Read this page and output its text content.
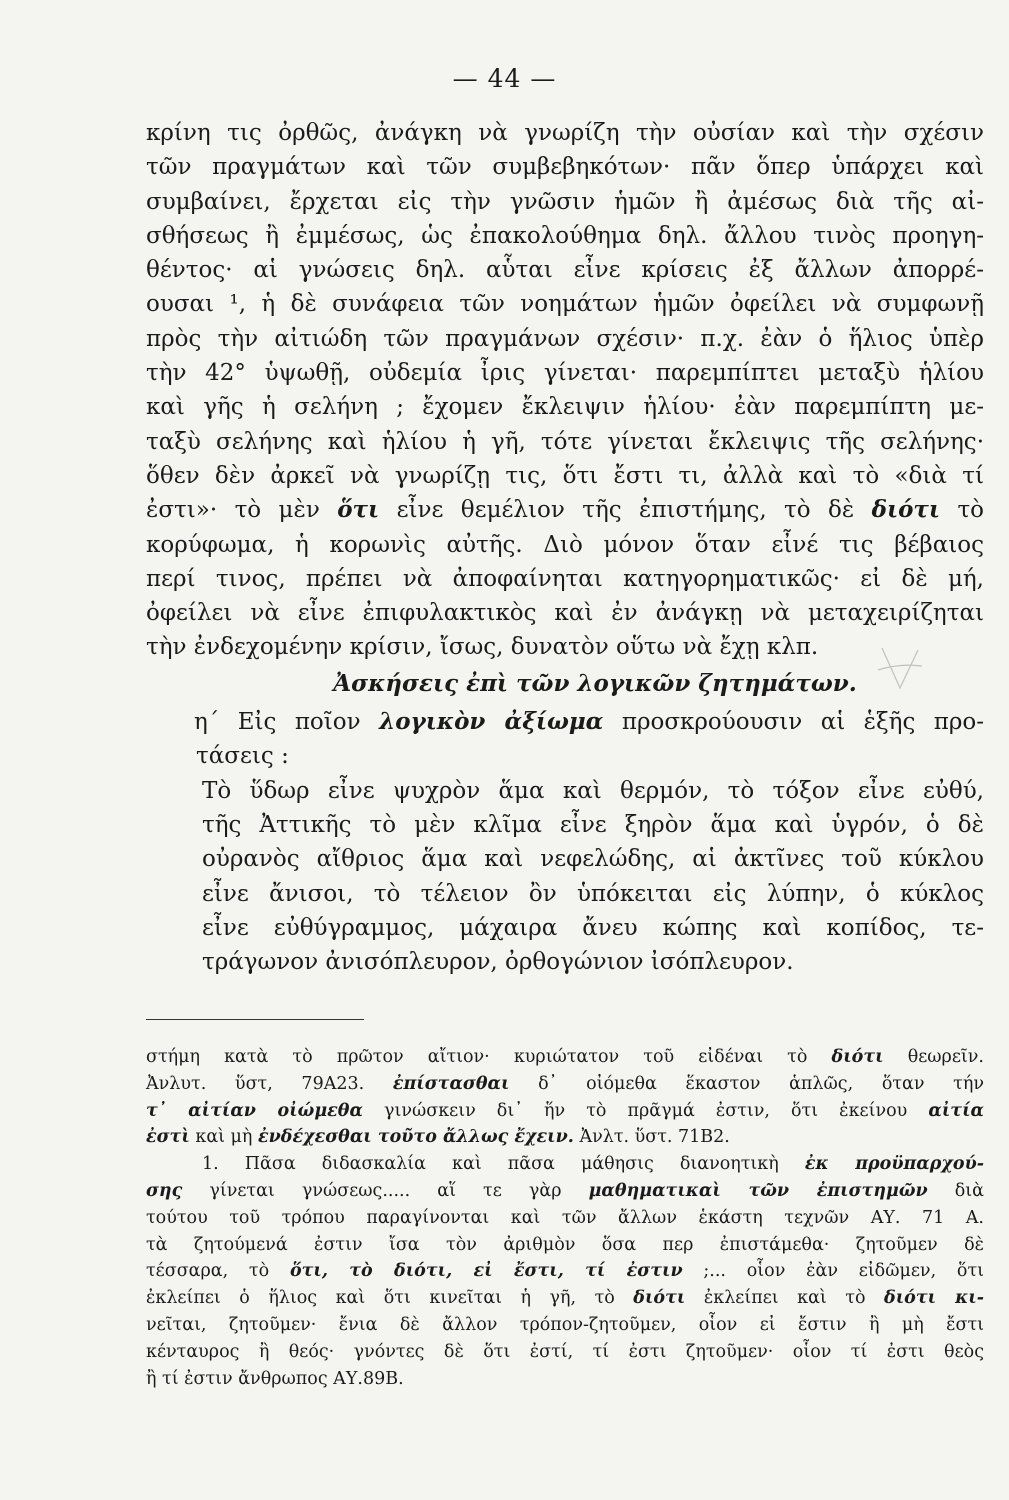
— 44 —
κρίνη τις ὀρθῶς, ἀνάγκη νὰ γνωρίζη τὴν οὐσίαν καὶ τὴν σχέσιν
τῶν πραγμάτων καὶ τῶν συμβεβηκότων· πᾶν ὅπερ ὑπάρχει καὶ
συμβαίνει, ἔρχεται εἰς τὴν γνῶσιν ἡμῶν ἢ ἀμέσως διὰ τῆς αἰ-
σθήσεως ἢ ἐμμέσως, ὡς ἐπακολούθημα δηλ. ἄλλου τινὸς προηγη-
θέντος· αἱ γνώσεις δηλ. αὗται εἶνε κρίσεις ἐξ ἄλλων ἀπορρέ-
ουσαι ¹, ἡ δὲ συνάφεια τῶν νοημάτων ἡμῶν ὀφείλει νὰ συμφωνῇ
πρὸς τὴν αἰτιώδη τῶν πραγμάνων σχέσιν· π.χ. ἐὰν ὁ ἥλιος ὑπὲρ
τὴν 42° ὑψωθῇ, οὐδεμία ἶρις γίνεται· παρεμπίπτει μεταξὺ ἡλίου
καὶ γῆς ἡ σελήνη ; ἔχομεν ἔκλειψιν ἡλίου· ἐὰν παρεμπίπτη με-
ταξὺ σελήνης καὶ ἡλίου ἡ γῆ, τότε γίνεται ἔκλειψις τῆς σελήνης·
ὅθεν δὲν ἀρκεῖ νὰ γνωρίζῃ τις, ὅτι ἔστι τι, ἀλλὰ καὶ τὸ «διὰ τί
ἐστι»· τὸ μὲν ὅτι εἶνε θεμέλιον τῆς ἐπιστήμης, τὸ δὲ διότι τὸ
κορύφωμα, ἡ κορωνὶς αὐτῆς. Διὸ μόνον ὅταν εἶνέ τις βέβαιος
περί τινος, πρέπει νὰ ἀποφαίνηται κατηγορηματικῶς· εἰ δὲ μή,
ὀφείλει νὰ εἶνε ἐπιφυλακτικὸς καὶ ἐν ἀνάγκῃ νὰ μεταχειρίζηται
τὴν ἐνδεχομένην κρίσιν, ἴσως, δυνατὸν οὕτω νὰ ἔχῃ κλπ.
Ἀσκήσεις ἐπὶ τῶν λογικῶν ζητημάτων.
η΄ Εἰς ποῖον λογικὸν ἀξίωμα προσκρούουσιν αἱ ἑξῆς προ-
τάσεις :
Τὸ ὕδωρ εἶνε ψυχρὸν ἅμα καὶ θερμόν, τὸ τόξον εἶνε εὐθύ,
τῆς Ἀττικῆς τὸ μὲν κλῖμα εἶνε ξηρὸν ἅμα καὶ ὑγρόν, ὁ δὲ
οὐρανὸς αἴθριος ἅμα καὶ νεφελώδης, αἱ ἀκτῖνες τοῦ κύκλου
εἶνε ἄνισοι, τὸ τέλειον ὂν ὑπόκειται εἰς λύπην, ὁ κύκλος
εἶνε εὐθύγραμμος, μάχαιρα ἄνευ κώπης καὶ κοπίδος, τε-
τράγωνον ἀνισόπλευρον, ὀρθογώνιον ἰσόπλευρον.
στήμη κατὰ τὸ πρῶτον αἴτιον· κυριώτατον τοῦ εἰδέναι τὸ διότι θεωρεῖν.
Ἀνλυτ. ὕστ, 79Α23. ἐπίστασθαι δ᾿ οἰόμεθα ἕκαστον ἁπλῶς, ὅταν τήν
τ᾿ αἰτίαν οἰώμεθα γινώσκειν δι᾿ ἥν τὸ πρᾶγμά ἐστιν, ὅτι ἐκείνου αἰτία
ἐστὶ καὶ μὴ ἐνδέχεσθαι τοῦτο ἄλλως ἔχειν. Ἀνλτ. ὕστ. 71Β2.
1. Πᾶσα διδασκαλία καὶ πᾶσα μάθησις διανοητικὴ ἐκ προϋπαρχού-
σης γίνεται γνώσεως..... αἵ τε γὰρ μαθηματικαὶ τῶν ἐπιστημῶν διὰ
τούτου τοῦ τρόπου παραγίνονται καὶ τῶν ἄλλων ἑκάστη τεχνῶν ΑΥ. 71 Α.
τὰ ζητούμενά ἐστιν ἴσα τὸν ἀριθμὸν ὅσα περ ἐπιστάμεθα· ζητοῦμεν δὲ
τέσσαρα, τὸ ὅτι, τὸ διότι, εἰ ἔστι, τί ἐστιν ;... οἷον ἐὰν εἰδῶμεν, ὅτι
ἐκλείπει ὁ ἥλιος καὶ ὅτι κινεῖται ἡ γῆ, τὸ διότι ἐκλείπει καὶ τὸ διότι κι-
νεῖται, ζητοῦμεν· ἔνια δὲ ἄλλον τρόπον-ζητοῦμεν, οἷον εἰ ἔστιν ἢ μὴ ἔστι
κένταυρος ἢ θεός· γνόντες δὲ ὅτι ἐστί, τί ἐστι ζητοῦμεν· οἷον τί ἐστι θεὸς
ἢ τί ἐστιν ἄνθρωπος ΑΥ.89Β.
